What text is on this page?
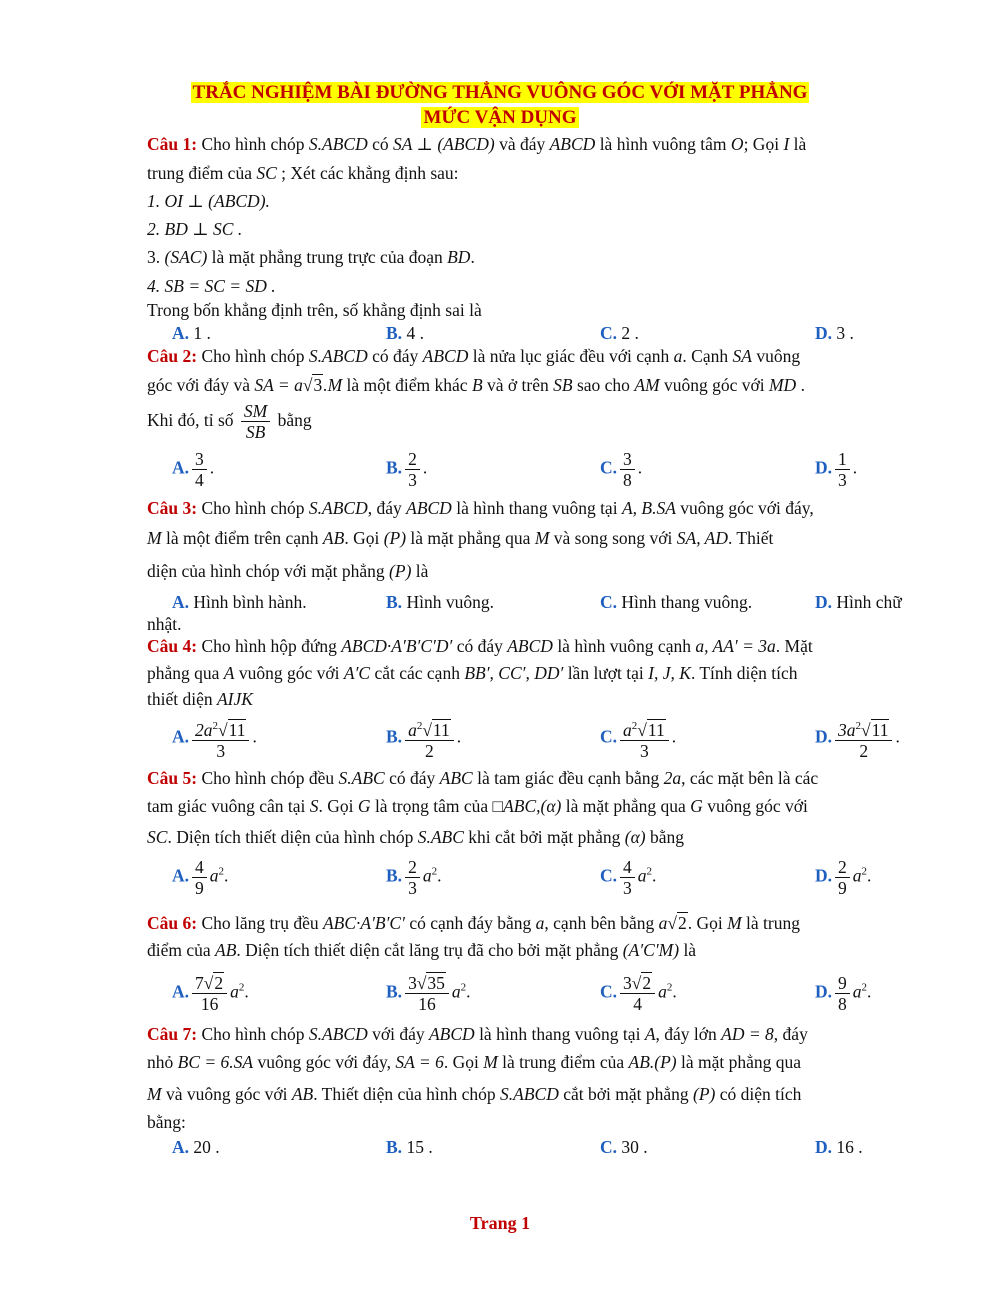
TRẮC NGHIỆM BÀI ĐƯỜNG THẲNG VUÔNG GÓC VỚI MẶT PHẲNG
MỨC VẬN DỤNG
Câu 1: Cho hình chóp S.ABCD có SA ⊥ (ABCD) và đáy ABCD là hình vuông tâm O; Gọi I là
trung điểm của SC ; Xét các khẳng định sau:
1. OI ⊥ (ABCD).
2. BD ⊥ SC .
3. (SAC) là mặt phẳng trung trực của đoạn BD.
4. SB = SC = SD .
Trong bốn khẳng định trên, số khẳng định sai là
A. 1 .	B. 4 .	C. 2 .	D. 3 .
Câu 2: Cho hình chóp S.ABCD có đáy ABCD là nửa lục giác đều với cạnh a. Cạnh SA vuông
góc với đáy và SA = a√3.M là một điểm khác B và ở trên SB sao cho AM vuông góc với MD .
Khi đó, tỉ số $\frac{SM}{SB}$ bằng
A. $\frac{3}{4}$ .	B. $\frac{2}{3}$ .	C. $\frac{3}{8}$ .	D. $\frac{1}{3}$ .
Câu 3: Cho hình chóp S.ABCD, đáy ABCD là hình thang vuông tại A, B.SA vuông góc với đáy,
M là một điểm trên cạnh AB. Gọi (P) là mặt phẳng qua M và song song với SA, AD. Thiết
diện của hình chóp với mặt phẳng (P) là
A. Hình bình hành.	B. Hình vuông.	C. Hình thang vuông.	D. Hình chữ
nhật.
Câu 4: Cho hình hộp đứng ABCD·A′B′C′D′ có đáy ABCD là hình vuông cạnh a, AA′ = 3a. Mặt
phẳng qua A vuông góc với A′C cắt các cạnh BB′, CC′, DD′ lần lượt tại I, J, K. Tính diện tích
thiết diện AIJK
A. $\frac{2a^2√11}{3}$ .	B. $\frac{a^2√11}{2}$ .	C. $\frac{a^2√11}{3}$ .	D. $\frac{3a^2√11}{2}$ .
Câu 5: Cho hình chóp đều S.ABC có đáy ABC là tam giác đều cạnh bằng 2a, các mặt bên là các
tam giác vuông cân tại S. Gọi G là trọng tâm của □ABC,(α) là mặt phẳng qua G vuông góc với
SC. Diện tích thiết diện của hình chóp S.ABC khi cắt bởi mặt phẳng (α) bằng
A. $\frac{4}{9} a^2$.	B. $\frac{2}{3} a^2$.	C. $\frac{4}{3} a^2$.	D. $\frac{2}{9} a^2$.
Câu 6: Cho lăng trụ đều ABC·A′B′C′ có cạnh đáy bằng a, cạnh bên bằng a√2. Gọi M là trung
điểm của AB. Diện tích thiết diện cắt lăng trụ đã cho bởi mặt phẳng (A′C′M) là
A. $\frac{7√2}{16} a^2$.	B. $\frac{3√35}{16} a^2$.	C. $\frac{3√2}{4} a^2$.	D. $\frac{9}{8} a^2$.
Câu 7: Cho hình chóp S.ABCD với đáy ABCD là hình thang vuông tại A, đáy lớn AD = 8, đáy
nhỏ BC = 6.SA vuông góc với đáy, SA = 6. Gọi M là trung điểm của AB.(P) là mặt phẳng qua
M và vuông góc với AB. Thiết diện của hình chóp S.ABCD cắt bởi mặt phẳng (P) có diện tích
bằng:
A. 20 .	B. 15 .	C. 30 .	D. 16 .
Trang 1
